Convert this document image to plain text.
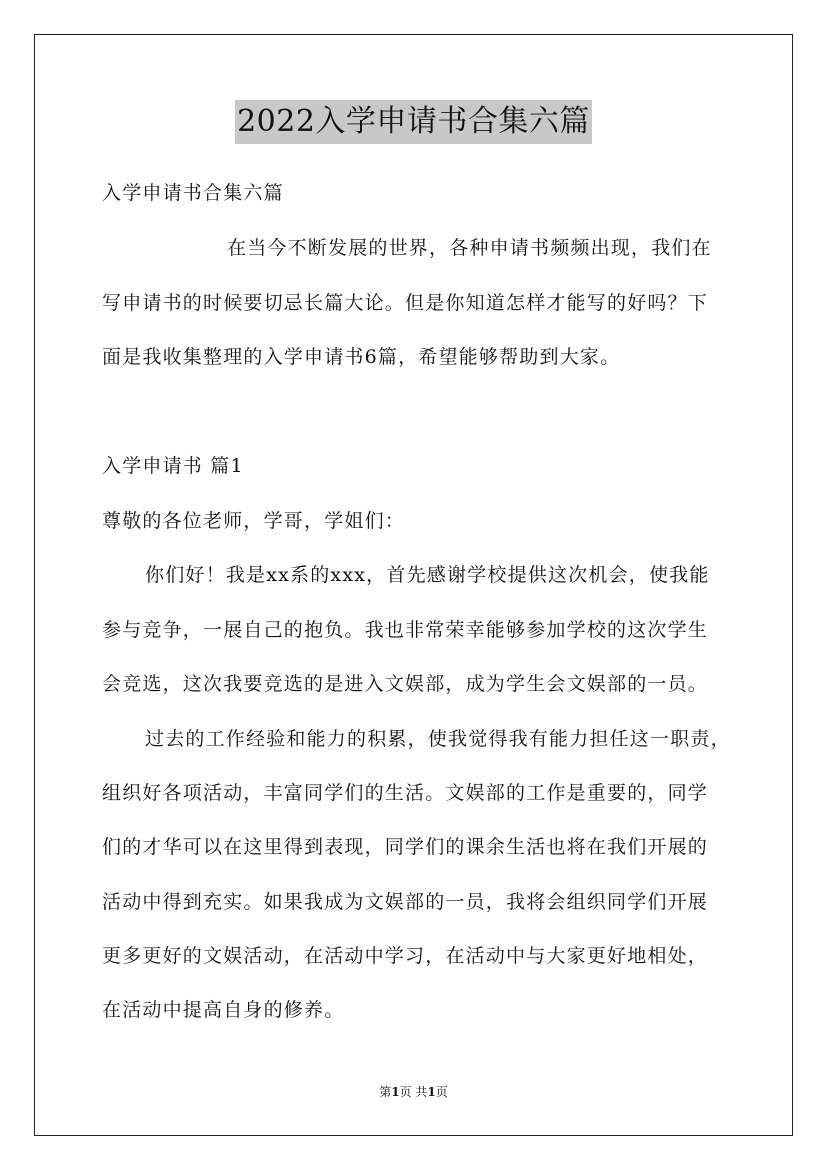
2022入学申请书合集六篇
入学申请书合集六篇
在当今不断发展的世界，各种申请书频频出现，我们在
写申请书的时候要切忌长篇大论。但是你知道怎样才能写的好吗？下
面是我收集整理的入学申请书6篇，希望能够帮助到大家。
入学申请书 篇1
尊敬的各位老师，学哥，学姐们：
你们好！我是xx系的xxx，首先感谢学校提供这次机会，使我能
参与竞争，一展自己的抱负。我也非常荣幸能够参加学校的这次学生
会竞选，这次我要竞选的是进入文娱部，成为学生会文娱部的一员。
过去的工作经验和能力的积累，使我觉得我有能力担任这一职责，
组织好各项活动，丰富同学们的生活。文娱部的工作是重要的，同学
们的才华可以在这里得到表现，同学们的课余生活也将在我们开展的
活动中得到充实。如果我成为文娱部的一员，我将会组织同学们开展
更多更好的文娱活动，在活动中学习，在活动中与大家更好地相处，
在活动中提高自身的修养。
第1页 共1页
